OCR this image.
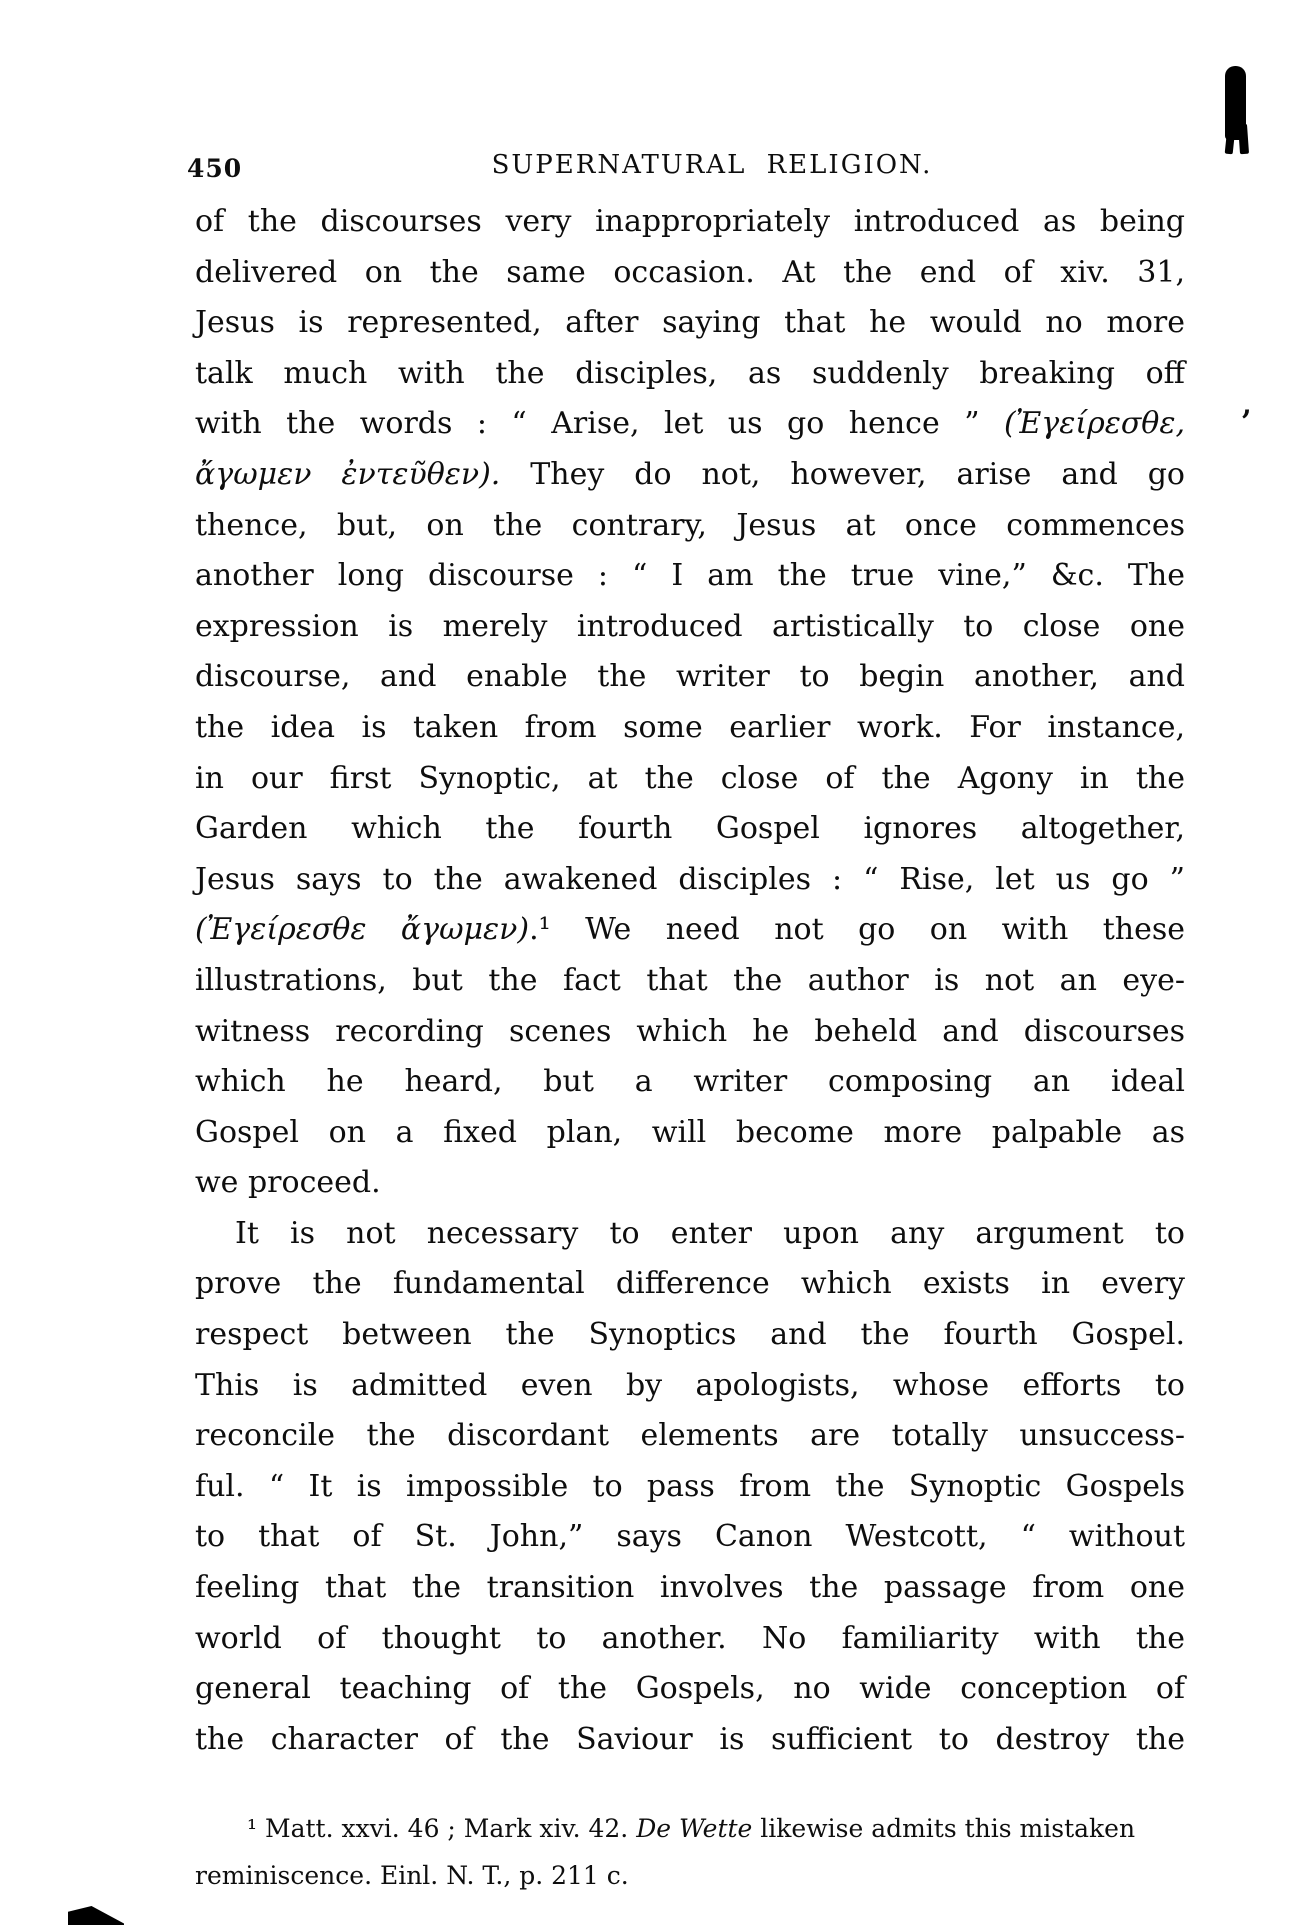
450	SUPERNATURAL RELIGION.
of the discourses very inappropriately introduced as being
delivered on the same occasion. At the end of xiv. 31,
Jesus is represented, after saying that he would no more
talk much with the disciples, as suddenly breaking off
with the words : “ Arise, let us go hence ” (Ἐγείρεσθε,
ἄγωμεν ἐντεῦθεν). They do not, however, arise and go
thence, but, on the contrary, Jesus at once commences
another long discourse : “ I am the true vine,” &c. The
expression is merely introduced artistically to close one
discourse, and enable the writer to begin another, and
the idea is taken from some earlier work. For instance,
in our first Synoptic, at the close of the Agony in the
Garden which the fourth Gospel ignores altogether,
Jesus says to the awakened disciples : “ Rise, let us go ”
(Ἐγείρεσθε ἄγωμεν).¹ We need not go on with these
illustrations, but the fact that the author is not an eye-
witness recording scenes which he beheld and discourses
which he heard, but a writer composing an ideal
Gospel on a fixed plan, will become more palpable as
we proceed.
It is not necessary to enter upon any argument to
prove the fundamental difference which exists in every
respect between the Synoptics and the fourth Gospel.
This is admitted even by apologists, whose efforts to
reconcile the discordant elements are totally unsuccess-
ful. “ It is impossible to pass from the Synoptic Gospels
to that of St. John,” says Canon Westcott, “ without
feeling that the transition involves the passage from one
world of thought to another. No familiarity with the
general teaching of the Gospels, no wide conception of
the character of the Saviour is sufficient to destroy the
¹ Matt. xxvi. 46 ; Mark xiv. 42. De Wette likewise admits this mistaken
reminiscence. Einl. N. T., p. 211 c.
,
